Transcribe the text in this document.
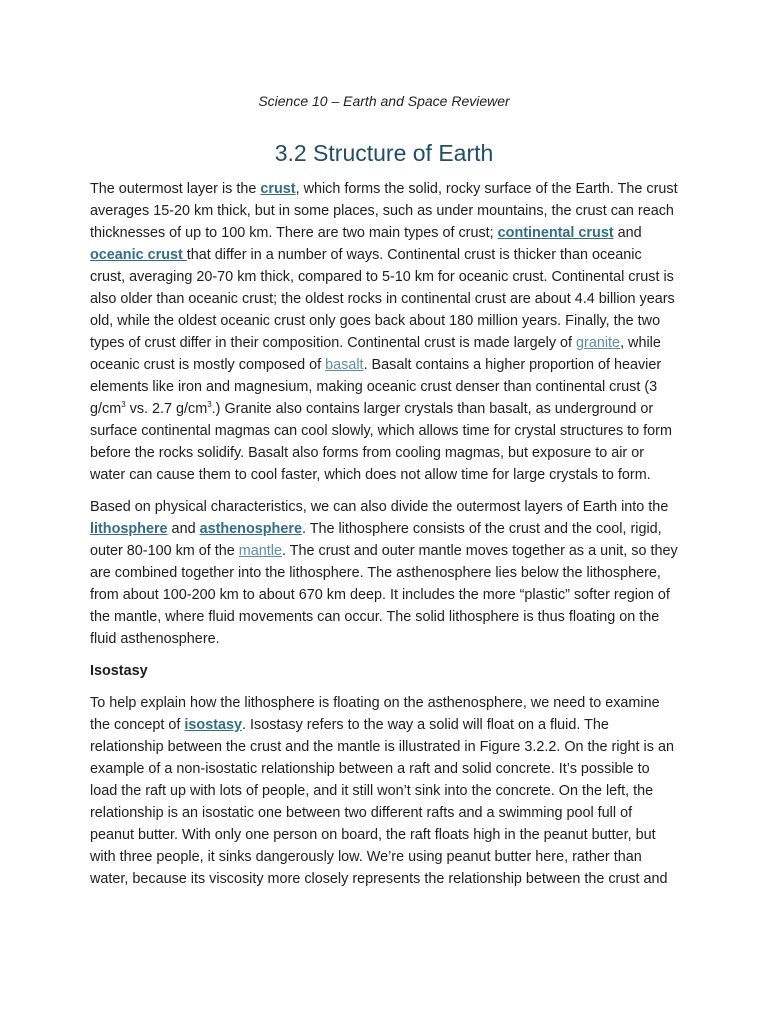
Science 10 – Earth and Space Reviewer
3.2 Structure of Earth

The outermost layer is the crust, which forms the solid, rocky surface of the Earth. The crust averages 15-20 km thick, but in some places, such as under mountains, the crust can reach thicknesses of up to 100 km. There are two main types of crust; continental crust and oceanic crust that differ in a number of ways. Continental crust is thicker than oceanic crust, averaging 20-70 km thick, compared to 5-10 km for oceanic crust. Continental crust is also older than oceanic crust; the oldest rocks in continental crust are about 4.4 billion years old, while the oldest oceanic crust only goes back about 180 million years. Finally, the two types of crust differ in their composition. Continental crust is made largely of granite, while oceanic crust is mostly composed of basalt. Basalt contains a higher proportion of heavier elements like iron and magnesium, making oceanic crust denser than continental crust (3 $g/cm^3$ vs. 2.7 $g/cm^3$.) Granite also contains larger crystals than basalt, as underground or surface continental magmas can cool slowly, which allows time for crystal structures to form before the rocks solidify. Basalt also forms from cooling magmas, but exposure to air or water can cause them to cool faster, which does not allow time for large crystals to form.

Based on physical characteristics, we can also divide the outermost layers of Earth into the lithosphere and asthenosphere. The lithosphere consists of the crust and the cool, rigid, outer 80-100 km of the mantle. The crust and outer mantle moves together as a unit, so they are combined together into the lithosphere. The asthenosphere lies below the lithosphere, from about 100-200 km to about 670 km deep. It includes the more “plastic” softer region of the mantle, where fluid movements can occur. The solid lithosphere is thus floating on the fluid asthenosphere.

Isostasy

To help explain how the lithosphere is floating on the asthenosphere, we need to examine the concept of isostasy. Isostasy refers to the way a solid will float on a fluid. The relationship between the crust and the mantle is illustrated in Figure 3.2.2. On the right is an example of a non-isostatic relationship between a raft and solid concrete. It’s possible to load the raft up with lots of people, and it still won’t sink into the concrete. On the left, the relationship is an isostatic one between two different rafts and a swimming pool full of peanut butter. With only one person on board, the raft floats high in the peanut butter, but with three people, it sinks dangerously low. We’re using peanut butter here, rather than water, because its viscosity more closely represents the relationship between the crust and
